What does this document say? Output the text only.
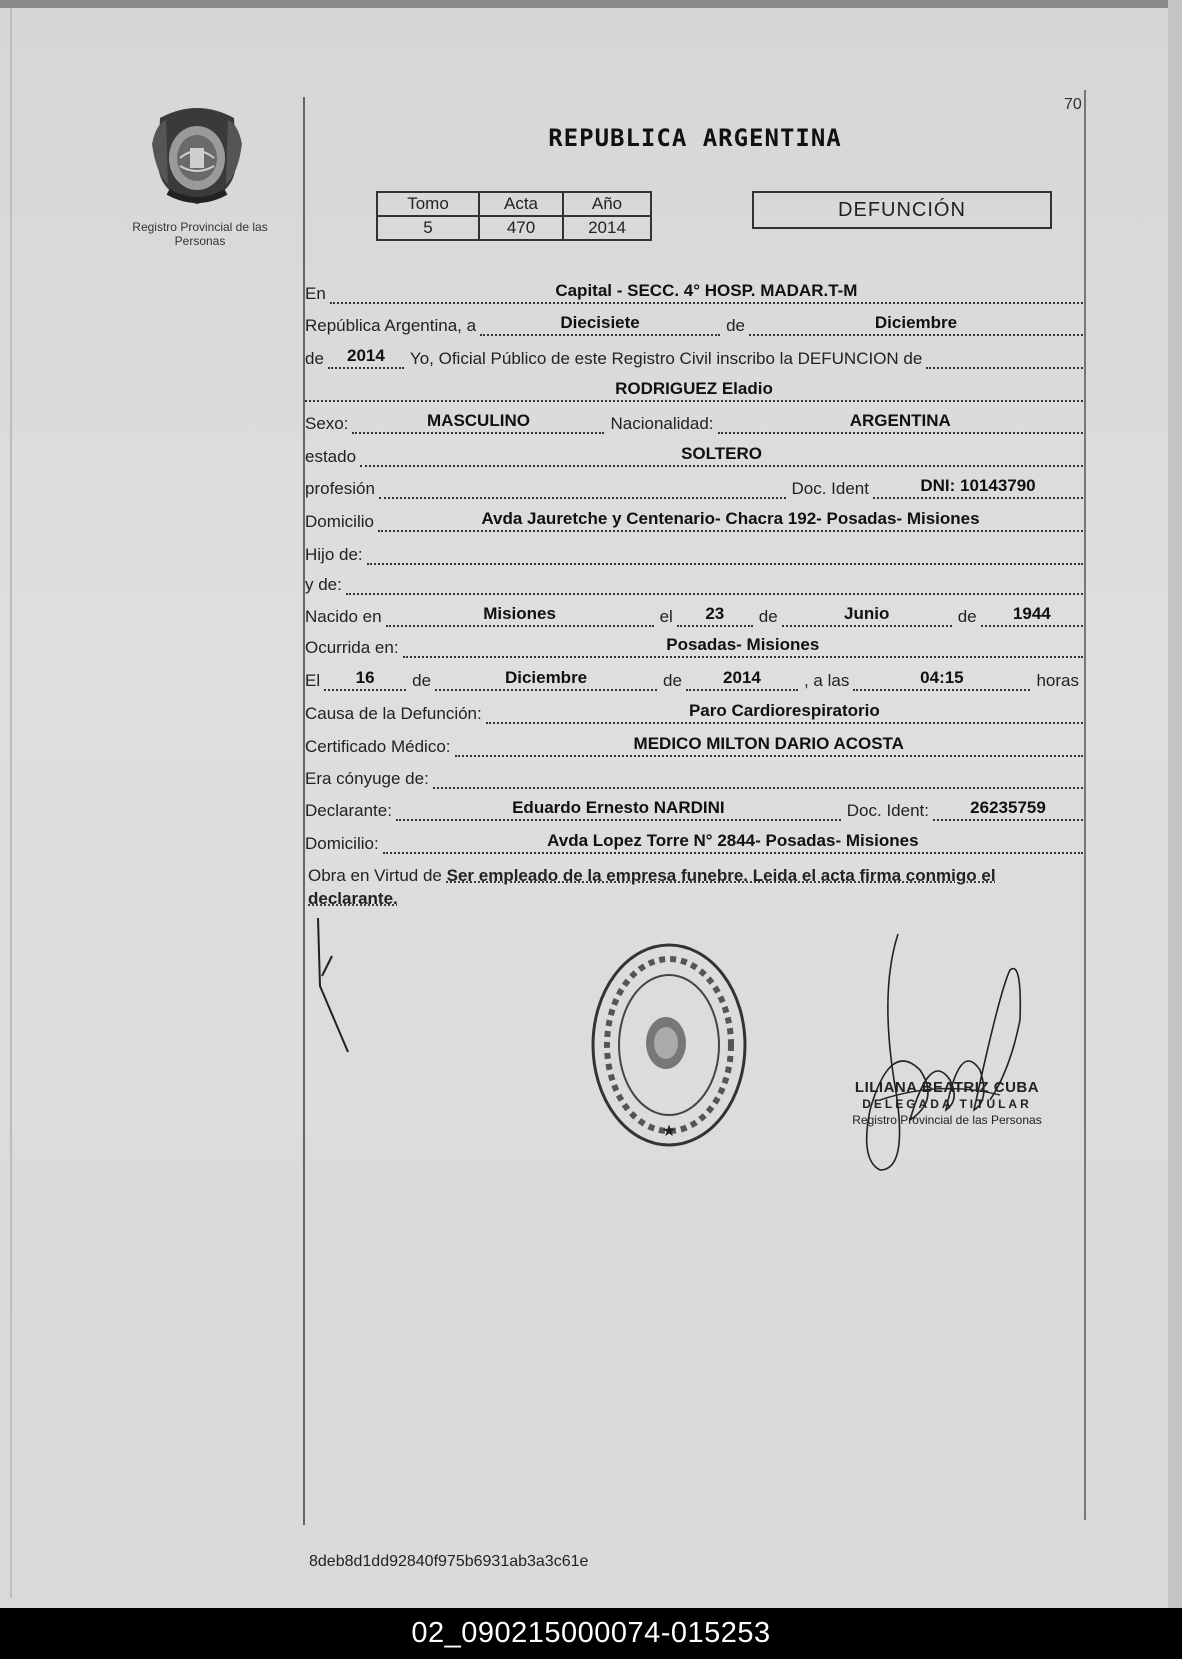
70
Registro Provincial de las Personas
REPUBLICA ARGENTINA
Tomo	Acta	Año
5	470	2014
DEFUNCIÓN
En	Capital - SECC. 4° HOSP. MADAR.T-M
República Argentina, a	Diecisiete	de	Diciembre
de	2014	Yo, Oficial Público de este Registro Civil inscribo la DEFUNCION de
RODRIGUEZ Eladio
Sexo:	MASCULINO	Nacionalidad:	ARGENTINA
estado	SOLTERO
profesión	Doc. Ident	DNI: 10143790
Domicilio	Avda Jauretche y Centenario- Chacra 192- Posadas- Misiones
Hijo de:
y de:
Nacido en	Misiones	el	23	de	Junio	de	1944
Ocurrida en:	Posadas- Misiones
El	16	de	Diciembre	de	2014	, a las	04:15	horas
Causa de la Defunción:	Paro Cardiorespiratorio
Certificado Médico:	MEDICO MILTON DARIO ACOSTA
Era cónyuge de:
Declarante:	Eduardo Ernesto NARDINI	Doc. Ident:	26235759
Domicilio:	Avda Lopez Torre N° 2844- Posadas- Misiones
Obra en Virtud de Ser empleado de la empresa funebre. Leida el acta firma conmigo el declarante.
★
LILIANA BEATRIZ CUBA
DELEGADA TITULAR
Registro Provincial de las Personas
8deb8d1dd92840f975b6931ab3a3c61e
02_090215000074-015253
